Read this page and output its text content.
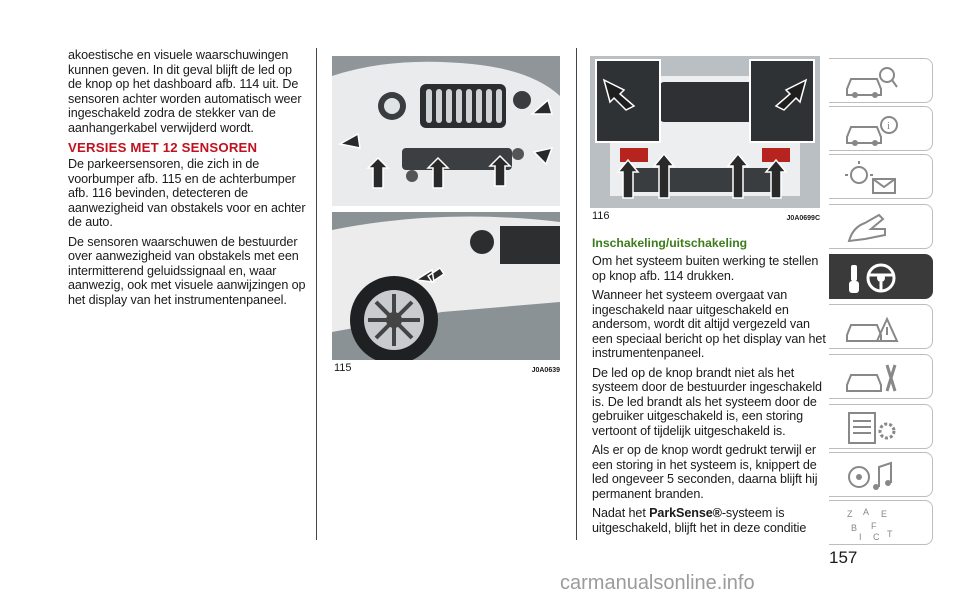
akoestische en visuele waarschuwingen kunnen geven. In dit geval blijft de led op de knop op het dashboard afb. 114 uit. De sensoren achter worden automatisch weer ingeschakeld zodra de stekker van de aanhangerkabel verwijderd wordt.

VERSIES MET 12 SENSOREN

De parkeersensoren, die zich in de voorbumper afb. 115 en de achterbumper afb. 116 bevinden, detecteren de aanwezigheid van obstakels voor en achter de auto.

De sensoren waarschuwen de bestuurder over aanwezigheid van obstakels met een intermitterend geluidssignaal en, waar aanwezig, ook met visuele aanwijzingen op het display van het instrumentenpaneel.

115	J0A0639
116	J0A0699C
Inschakeling/uitschakeling

Om het systeem buiten werking te stellen op knop afb. 114 drukken.

Wanneer het systeem overgaat van ingeschakeld naar uitgeschakeld en andersom, wordt dit altijd vergezeld van een speciaal bericht op het display van het instrumentenpaneel.

De led op de knop brandt niet als het systeem door de bestuurder ingeschakeld is. De led brandt als het systeem door de gebruiker uitgeschakeld is, een storing vertoont of tijdelijk uitgeschakeld is.

Als er op de knop wordt gedrukt terwijl er een storing in het systeem is, knippert de led ongeveer 5 seconden, daarna blijft hij permanent branden.

Nadat het ParkSense®-systeem is uitgeschakeld, blijft het in deze conditie

i
Z A E
B F
I C T
157
carmanualsonline.info
